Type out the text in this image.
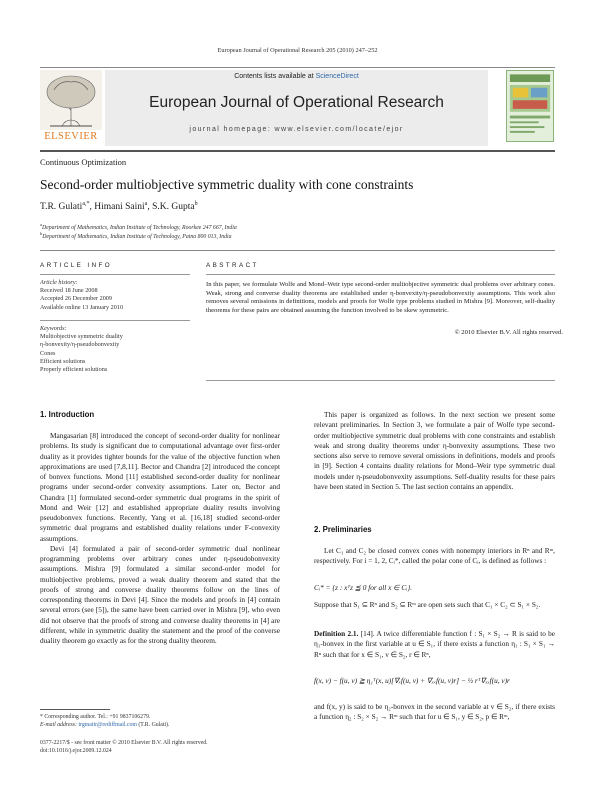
European Journal of Operational Research 205 (2010) 247–252
ELSEVIER
Contents lists available at ScienceDirect
European Journal of Operational Research
journal homepage: www.elsevier.com/locate/ejor
Continuous Optimization
Second-order multiobjective symmetric duality with cone constraints
T.R. Gulati$^{a,*}$, Himani Saini$^a$, S.K. Gupta$^b$
$^a$Department of Mathematics, Indian Institute of Technology, Roorkee 247 667, India
$^b$Department of Mathematics, Indian Institute of Technology, Patna 800 013, India
ARTICLE INFO
Article history:
Received 18 June 2008
Accepted 26 December 2009
Available online 13 January 2010
Keywords:
Multiobjective symmetric duality
η-bonvexity/η-pseudobonvexity
Cones
Efficient solutions
Properly efficient solutions
ABSTRACT
In this paper, we formulate Wolfe and Mond–Weir type second-order multiobjective symmetric dual problems over arbitrary cones. Weak, strong and converse duality theorems are established under η-bonvexity/η-pseudobonvexity assumptions. This work also removes several omissions in definitions, models and proofs for Wolfe type problems studied in Mishra [9]. Moreover, self-duality theorems for these pairs are obtained assuming the function involved to be skew symmetric.
© 2010 Elsevier B.V. All rights reserved.
1. Introduction

Mangasarian [8] introduced the concept of second-order duality for nonlinear problems. Its study is significant due to computational advantage over first-order duality as it provides tighter bounds for the value of the objective function when approximations are used [7,8,11]. Bector and Chandra [2] introduced the concept of bonvex functions. Mond [11] established second-order duality for nonlinear programs under second-order convexity assumptions. Later on, Bector and Chandra [1] formulated second-order symmetric dual programs in the spirit of Mond and Weir [12] and established appropriate duality results involving pseudobonvex functions. Recently, Yang et al. [16,18] studied second-order symmetric dual programs and established duality relations under F-convexity assumptions.

Devi [4] formulated a pair of second-order symmetric dual nonlinear programming problems over arbitrary cones under η-pseudobonvexity assumptions. Mishra [9] formulated a similar second-order model for multiobjective problems, proved a weak duality theorem and stated that the proofs of strong and converse duality theorems follow on the lines of corresponding theorems in Devi [4]. Since the models and proofs in [4] contain several errors (see [5]), the same have been carried over in Mishra [9], who even did not observe that the proofs of strong and converse duality theorems in [4] are different, while in symmetric duality the statement and the proof of the converse duality theorem go exactly as for the strong duality theorem.

This paper is organized as follows. In the next section we present some relevant preliminaries. In Section 3, we formulate a pair of Wolfe type second-order multiobjective symmetric dual problems with cone constraints and establish weak and strong duality theorems under η-bonvexity assumptions. These two sections also serve to remove several omissions in definitions, models and proofs in [9]. Section 4 contains duality relations for Mond–Weir type symmetric dual models under η-pseudobonvexity assumptions. Self-duality results for these pairs have been stated in Section 5. The last section contains an appendix.

2. Preliminaries

Let C₁ and C₂ be closed convex cones with nonempty interiors in Rⁿ and Rᵐ, respectively. For i = 1, 2, Cᵢ*, called the polar cone of Cᵢ, is defined as follows :

Cᵢ* = {z : xᵀz ≦ 0 for all x ∈ Cᵢ}.
Suppose that S₁ ⊆ Rⁿ and S₂ ⊆ Rᵐ are open sets such that C₁ × C₂ ⊂ S₁ × S₂.
Definition 2.1. [14]. A twice differentiable function f : S₁ × S₂ → R is said to be η₁-bonvex in the first variable at u ∈ S₁, if there exists a function η₁ : S₁ × S₁ → Rⁿ such that for x ∈ S₁, v ∈ S₂, r ∈ Rⁿ,
f(x, v) − f(u, v) ≧ η₁ᵀ(x, u)[∇ₓf(u, v) + ∇ₓₓf(u, v)r] − ½ rᵀ∇ₓₓf(u, v)r
and f(x, y) is said to be η₂-bonvex in the second variable at v ∈ S₂, if there exists a function η₂ : S₂ × S₂ → Rᵐ such that for u ∈ S₁, y ∈ S₂, p ∈ Rᵐ,
* Corresponding author. Tel.: +91 9837106279.
E-mail address: trgmaitr@rediffmail.com (T.R. Gulati).
0377-2217/$ - see front matter © 2010 Elsevier B.V. All rights reserved.
doi:10.1016/j.ejor.2009.12.024
